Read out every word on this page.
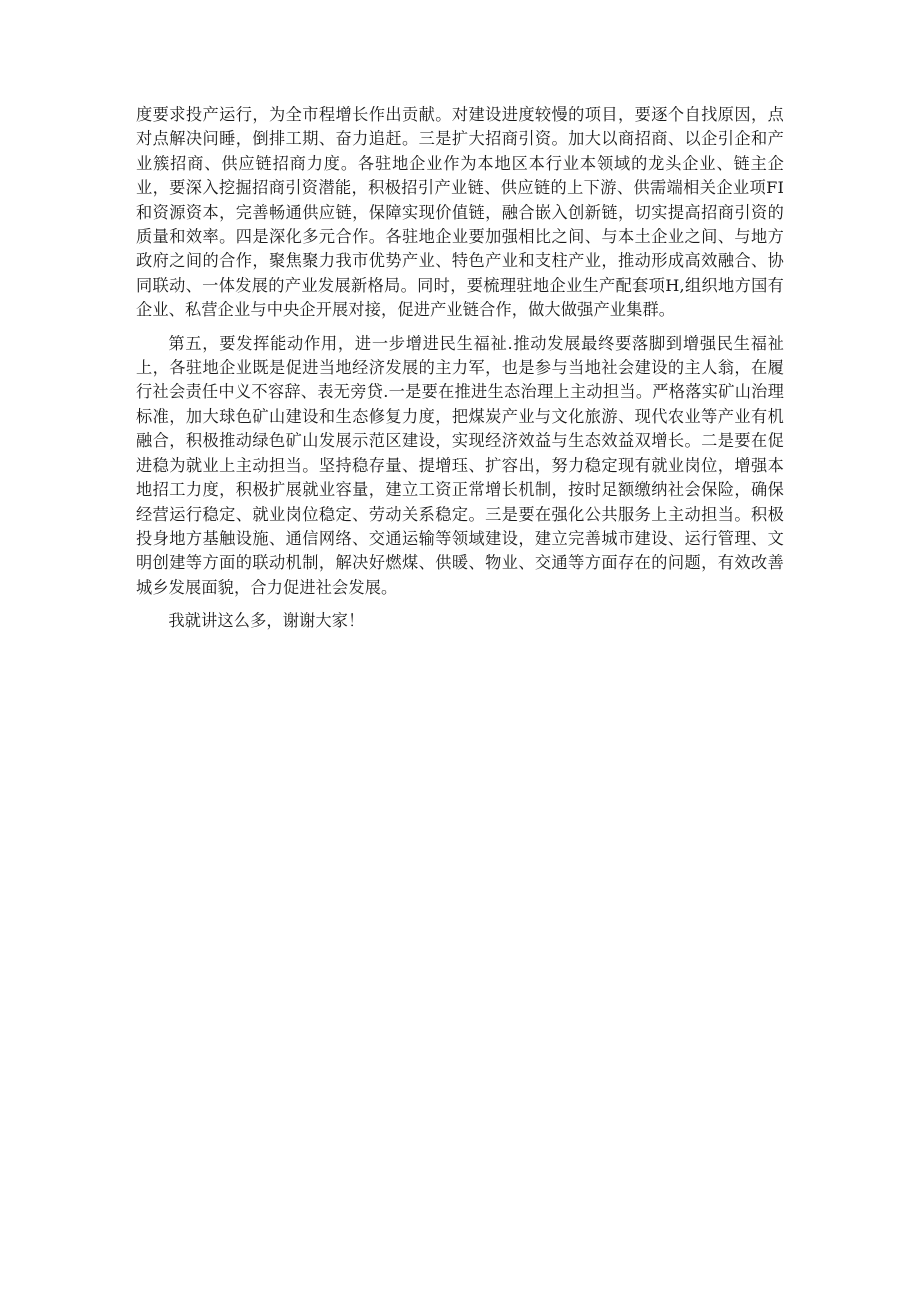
度要求投产运行，为全市程增长作出贡献。对建设进度较慢的项目，要逐个自找原因，点对点解决问睡，倒排工期、奋力追赶。三是扩大招商引资。加大以商招商、以企引企和产业簇招商、供应链招商力度。各驻地企业作为本地区本行业本领域的龙头企业、链主企业，要深入挖掘招商引资潜能，积极招引产业链、供应链的上下游、供需端相关企业项FI和资源资本，完善畅通供应链，保障实现价值链，融合嵌入创新链，切实提高招商引资的质量和效率。四是深化多元合作。各驻地企业要加强相比之间、与本土企业之间、与地方政府之间的合作，聚焦聚力我市优势产业、特色产业和支柱产业，推动形成高效融合、协同联动、一体发展的产业发展新格局。同时，要梳理驻地企业生产配套项H,组织地方国有企业、私营企业与中央企开展对接，促进产业链合作，做大做强产业集群。

第五，要发挥能动作用，进一步增进民生福祉.推动发展最终要落脚到增强民生福祉上，各驻地企业既是促进当地经济发展的主力军，也是参与当地社会建设的主人翁，在履行社会责任中义不容辞、表无旁贷.一是要在推进生态治理上主动担当。严格落实矿山治理标准，加大球色矿山建设和生态修复力度，把煤炭产业与文化旅游、现代农业等产业有机融合，积极推动绿色矿山发展示范区建设，实现经济效益与生态效益双增长。二是要在促进稳为就业上主动担当。坚持稳存量、提增珏、扩容出，努力稳定现有就业岗位，增强本地招工力度，积极扩展就业容量，建立工资正常增长机制，按时足额缴纳社会保险，确保经营运行稳定、就业岗位稳定、劳动关系稳定。三是要在强化公共服务上主动担当。积极投身地方基触设施、通信网络、交通运输等领域建设，建立完善城市建设、运行管理、文明创建等方面的联动机制，解决好燃煤、供暖、物业、交通等方面存在的问题，有效改善城乡发展面貌，合力促进社会发展。

我就讲这么多，谢谢大家！
